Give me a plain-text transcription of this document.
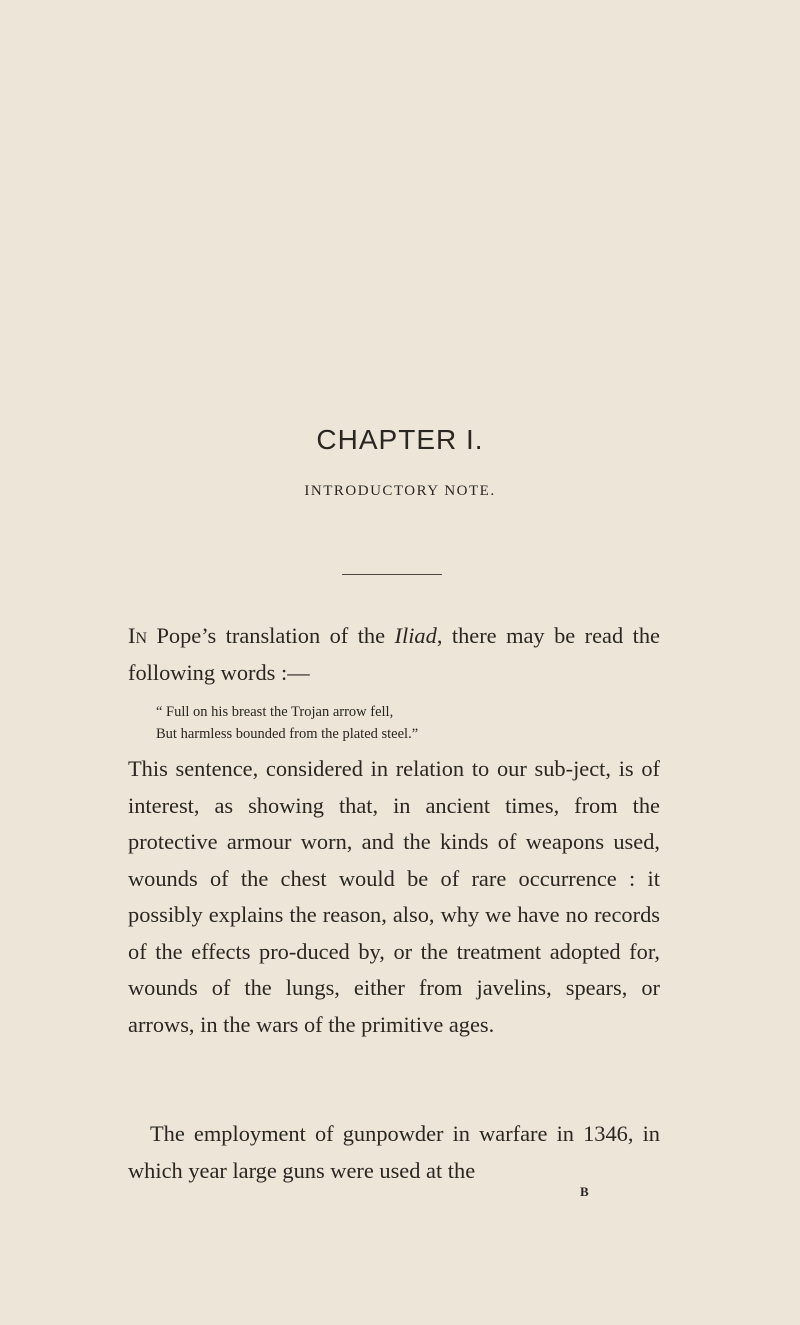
CHAPTER I.
INTRODUCTORY NOTE.

In Pope’s translation of the Iliad, there may be read the following words :—

“ Full on his breast the Trojan arrow fell,
But harmless bounded from the plated steel.”

This sentence, considered in relation to our sub-ject, is of interest, as showing that, in ancient times, from the protective armour worn, and the kinds of weapons used, wounds of the chest would be of rare occurrence : it possibly explains the reason, also, why we have no records of the effects pro-duced by, or the treatment adopted for, wounds of the lungs, either from javelins, spears, or arrows, in the wars of the primitive ages.

The employment of gunpowder in warfare in 1346, in which year large guns were used at the

B
